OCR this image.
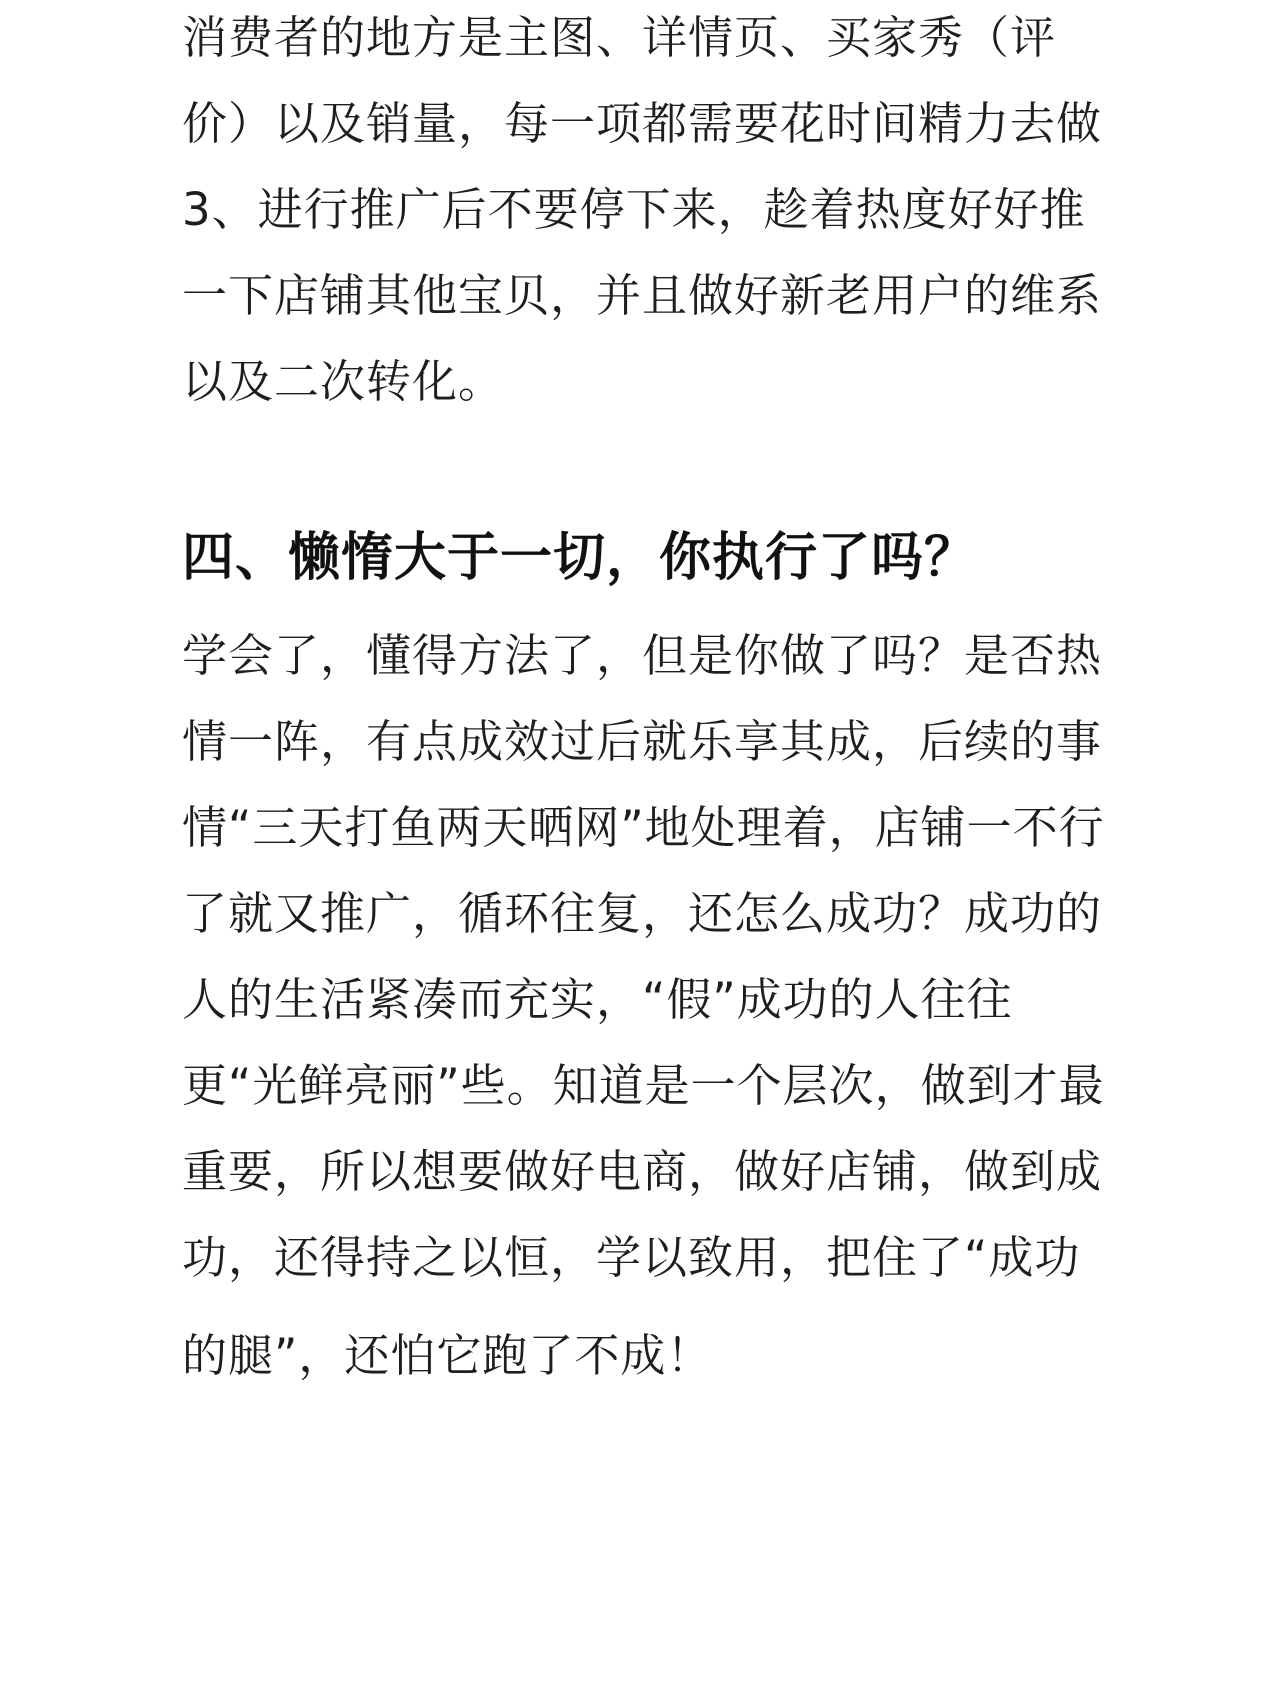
消费者的地方是主图、详情页、买家秀（评
价）以及销量，每一项都需要花时间精力去做
3、进行推广后不要停下来，趁着热度好好推
一下店铺其他宝贝，并且做好新老用户的维系
以及二次转化。
四、懒惰大于一切，你执行了吗？
学会了，懂得方法了，但是你做了吗？是否热
情一阵，有点成效过后就乐享其成，后续的事
情“三天打鱼两天晒网”地处理着，店铺一不行
了就又推广，循环往复，还怎么成功？成功的
人的生活紧凑而充实，“假”成功的人往往
更“光鲜亮丽”些。知道是一个层次，做到才最
重要，所以想要做好电商，做好店铺，做到成
功，还得持之以恒，学以致用，把住了“成功
的腿”，还怕它跑了不成！
